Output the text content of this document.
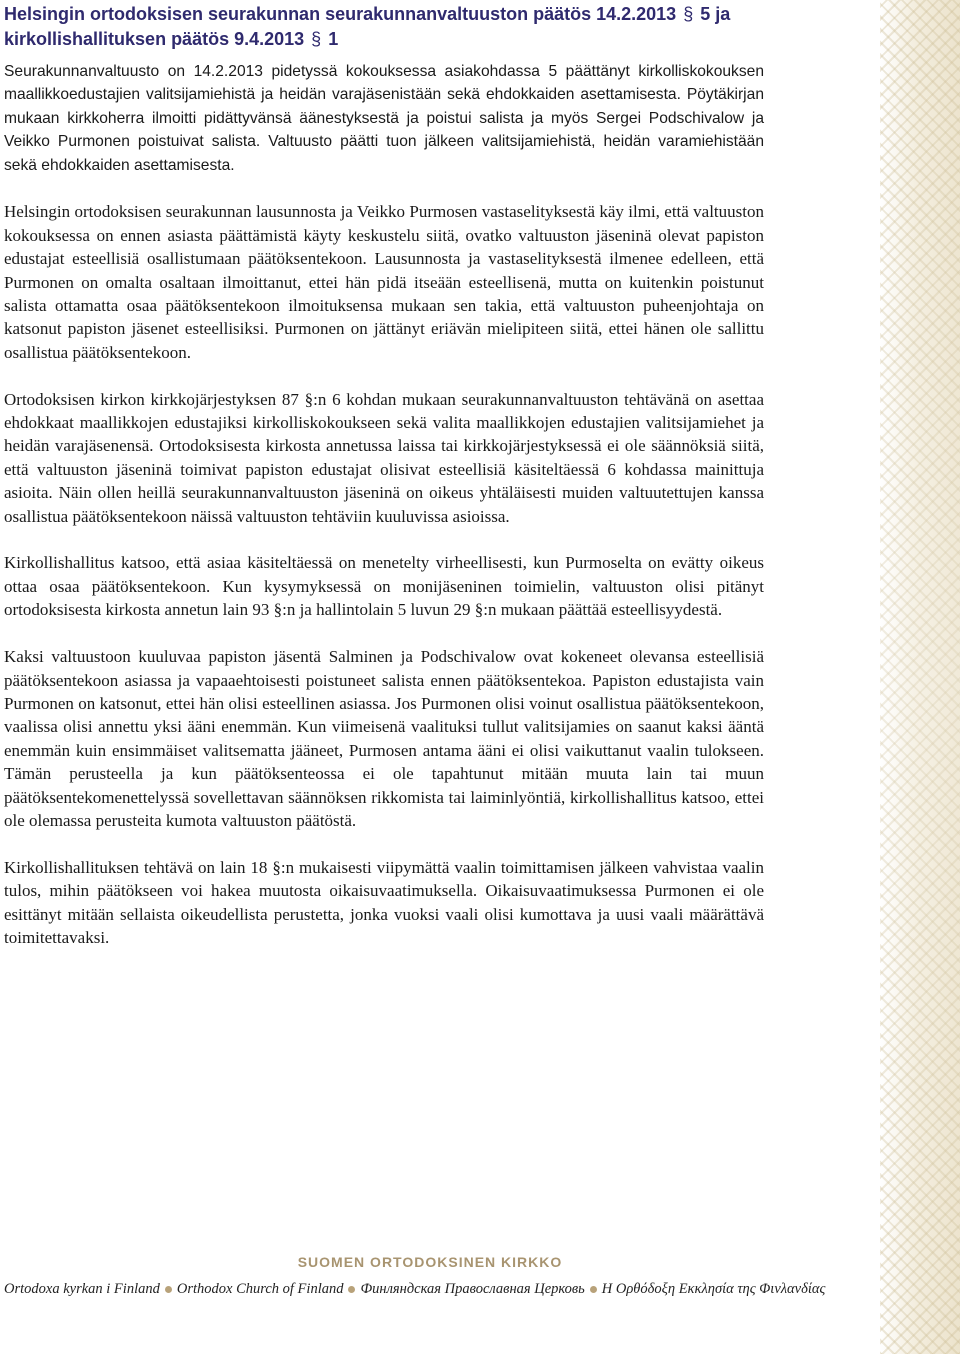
Helsingin ortodoksisen seurakunnan seurakunnanvaltuuston päätös 14.2.2013 § 5 ja kirkollishallituksen päätös 9.4.2013 § 1

Seurakunnanvaltuusto on 14.2.2013 pidetyssä kokouksessa asiakohdassa 5 päättänyt kirkolliskokouksen maallikkoedustajien valitsijamiehistä ja heidän varajäsenistään sekä ehdokkaiden asettamisesta. Pöytäkirjan mukaan kirkkoherra ilmoitti pidättyvänsä äänestyksestä ja poistui salista ja myös Sergei Podschivalow ja Veikko Purmonen poistuivat salista. Valtuusto päätti tuon jälkeen valitsijamiehistä, heidän varamiehistään sekä ehdokkaiden asettamisesta.

Helsingin ortodoksisen seurakunnan lausunnosta ja Veikko Purmosen vastaselityksestä käy ilmi, että valtuuston kokouksessa on ennen asiasta päättämistä käyty keskustelu siitä, ovatko valtuuston jäseninä olevat papiston edustajat esteellisiä osallistumaan päätöksentekoon. Lausunnosta ja vastaselityksestä ilmenee edelleen, että Purmonen on omalta osaltaan ilmoittanut, ettei hän pidä itseään esteellisenä, mutta on kuitenkin poistunut salista ottamatta osaa päätöksentekoon ilmoituksensa mukaan sen takia, että valtuuston puheenjohtaja on katsonut papiston jäsenet esteellisiksi. Purmonen on jättänyt eriävän mielipiteen siitä, ettei hänen ole sallittu osallistua päätöksentekoon.

Ortodoksisen kirkon kirkkojärjestyksen 87 §:n 6 kohdan mukaan seurakunnanvaltuuston tehtävänä on asettaa ehdokkaat maallikkojen edustajiksi kirkolliskokoukseen sekä valita maallikkojen edustajien valitsijamiehet ja heidän varajäsenensä. Ortodoksisesta kirkosta annetussa laissa tai kirkkojärjestyksessä ei ole säännöksiä siitä, että valtuuston jäseninä toimivat papiston edustajat olisivat esteellisiä käsiteltäessä 6 kohdassa mainittuja asioita. Näin ollen heillä seurakunnanvaltuuston jäseninä on oikeus yhtäläisesti muiden valtuutettujen kanssa osallistua päätöksentekoon näissä valtuuston tehtäviin kuuluvissa asioissa.

Kirkollishallitus katsoo, että asiaa käsiteltäessä on menetelty virheellisesti, kun Purmoselta on evätty oikeus ottaa osaa päätöksentekoon. Kun kysymyksessä on monijäseninen toimielin, valtuuston olisi pitänyt ortodoksisesta kirkosta annetun lain 93 §:n ja hallintolain 5 luvun 29 §:n mukaan päättää esteellisyydestä.

Kaksi valtuustoon kuuluvaa papiston jäsentä Salminen ja Podschivalow ovat kokeneet olevansa esteellisiä päätöksentekoon asiassa ja vapaaehtoisesti poistuneet salista ennen päätöksentekoa. Papiston edustajista vain Purmonen on katsonut, ettei hän olisi esteellinen asiassa. Jos Purmonen olisi voinut osallistua päätöksentekoon, vaalissa olisi annettu yksi ääni enemmän. Kun viimeisenä vaalituksi tullut valitsijamies on saanut kaksi ääntä enemmän kuin ensimmäiset valitsematta jääneet, Purmosen antama ääni ei olisi vaikuttanut vaalin tulokseen. Tämän perusteella ja kun päätöksenteossa ei ole tapahtunut mitään muuta lain tai muun päätöksentekomenettelyssä sovellettavan säännöksen rikkomista tai laiminlyöntiä, kirkollishallitus katsoo, ettei ole olemassa perusteita kumota valtuuston päätöstä.

Kirkollishallituksen tehtävä on lain 18 §:n mukaisesti viipymättä vaalin toimittamisen jälkeen vahvistaa vaalin tulos, mihin päätökseen voi hakea muutosta oikaisuvaatimuksella. Oikaisuvaatimuksessa Purmonen ei ole esittänyt mitään sellaista oikeudellista perustetta, jonka vuoksi vaali olisi kumottava ja uusi vaali määrättävä toimitettavaksi.

SUOMEN ORTODOKSINEN KIRKKO
Ortodoxa kyrkan i Finland Orthodox Church of Finland Финляндская Православная Церковь Η Ορθόδοξη Εκκλησία της Φινλανδίας
